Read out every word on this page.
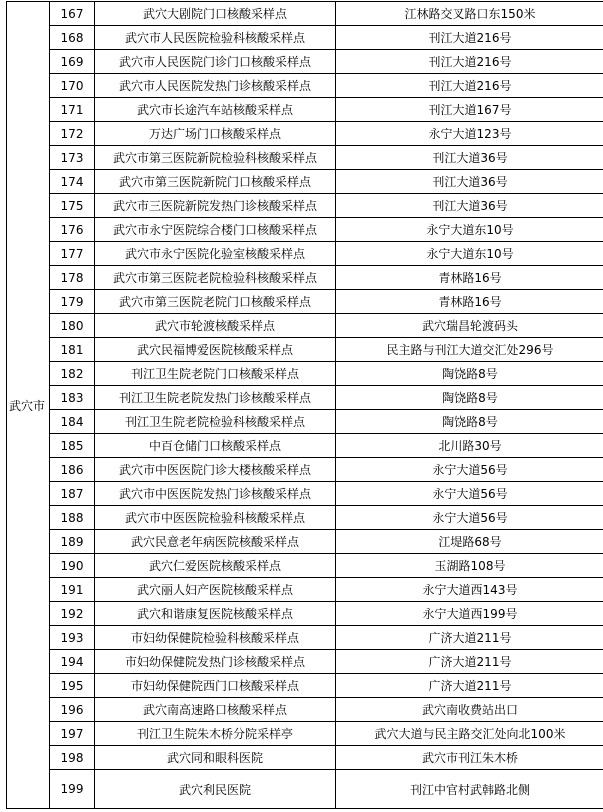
武穴市	167	武穴大剧院门口核酸采样点	江林路交叉路口东150米
	168	武穴市人民医院检验科核酸采样点	刊江大道216号
	169	武穴市人民医院门诊门口核酸采样点	刊江大道216号
	170	武穴市人民医院发热门诊核酸采样点	刊江大道216号
	171	武穴市长途汽车站核酸采样点	刊江大道167号
	172	万达广场门口核酸采样点	永宁大道123号
	173	武穴市第三医院新院检验科核酸采样点	刊江大道36号
	174	武穴市第三医院新院门口核酸采样点	刊江大道36号
	175	武穴市三医院新院发热门诊核酸采样点	刊江大道36号
	176	武穴市永宁医院综合楼门口核酸采样点	永宁大道东10号
	177	武穴市永宁医院化验室核酸采样点	永宁大道东10号
	178	武穴市第三医院老院检验科核酸采样点	青林路16号
	179	武穴市第三医院老院门口核酸采样点	青林路16号
	180	武穴市轮渡核酸采样点	武穴瑞昌轮渡码头
	181	武穴民福博爱医院核酸采样点	民主路与刊江大道交汇处296号
	182	刊江卫生院老院门口核酸采样点	陶饶路8号
	183	刊江卫生院老院发热门诊核酸采样点	陶饶路8号
	184	刊江卫生院老院检验科核酸采样点	陶饶路8号
	185	中百仓储门口核酸采样点	北川路30号
	186	武穴市中医医院门诊大楼核酸采样点	永宁大道56号
	187	武穴市中医医院发热门诊核酸采样点	永宁大道56号
	188	武穴市中医医院检验科核酸采样点	永宁大道56号
	189	武穴民意老年病医院核酸采样点	江堤路68号
	190	武穴仁爱医院核酸采样点	玉湖路108号
	191	武穴丽人妇产医院核酸采样点	永宁大道西143号
	192	武穴和谐康复医院核酸采样点	永宁大道西199号
	193	市妇幼保健院检验科核酸采样点	广济大道211号
	194	市妇幼保健院发热门诊核酸采样点	广济大道211号
	195	市妇幼保健院西门口核酸采样点	广济大道211号
	196	武穴南高速路口核酸采样点	武穴南收费站出口
	197	刊江卫生院朱木桥分院采样亭	武穴大道与民主路交汇处向北100米
	198	武穴同和眼科医院	武穴市刊江朱木桥
	199	武穴利民医院	刊江中官村武韩路北侧
